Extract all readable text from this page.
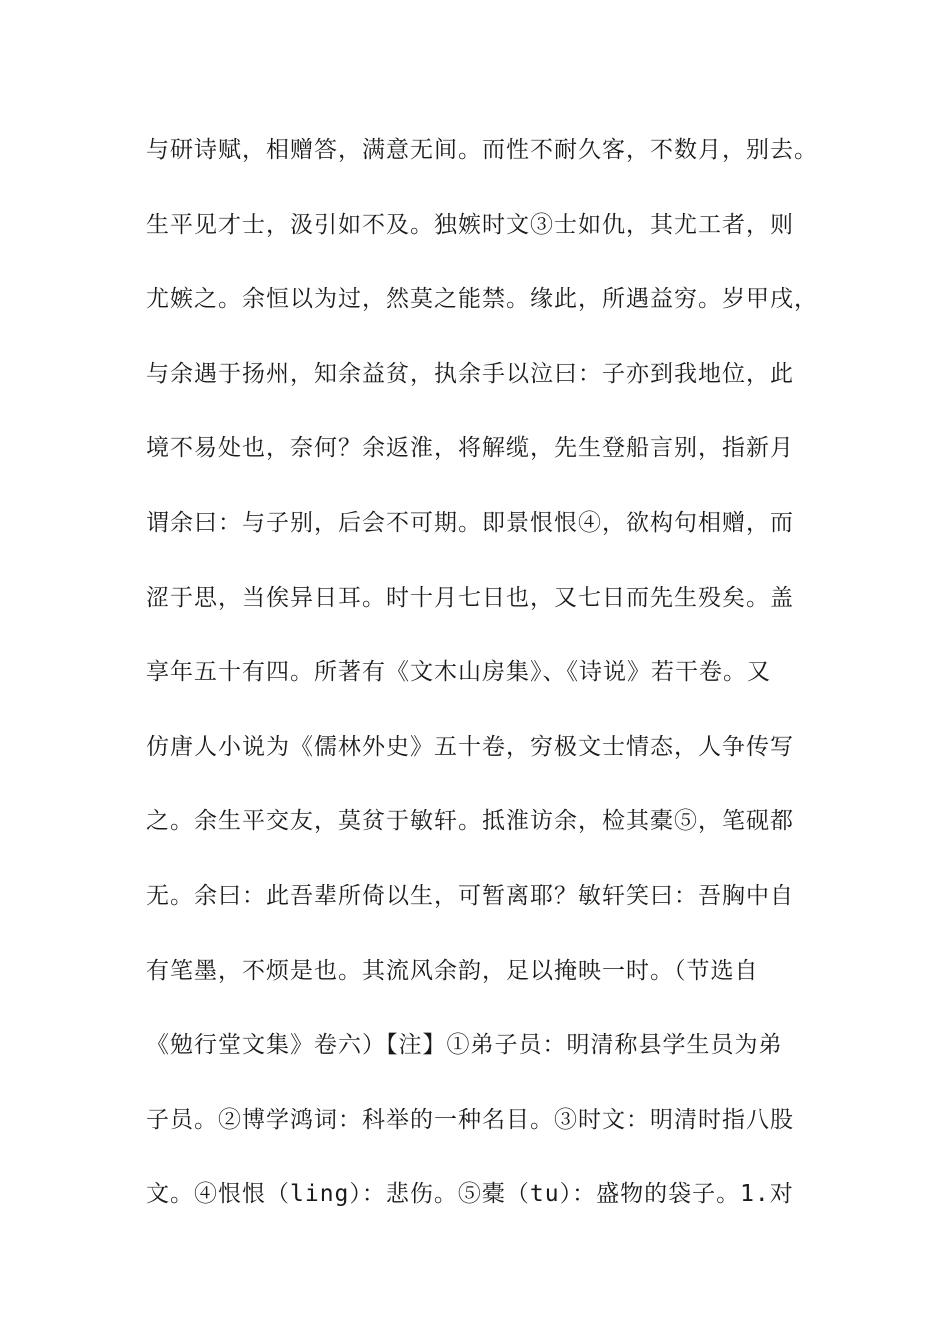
与研诗赋，相赠答，满意无间。而性不耐久客，不数月，别去。
生平见才士，汲引如不及。独嫉时文③士如仇，其尤工者，则
尤嫉之。余恒以为过，然莫之能禁。缘此，所遇益穷。岁甲戌，
与余遇于扬州，知余益贫，执余手以泣曰：子亦到我地位，此
境不易处也，奈何？余返淮，将解缆，先生登船言别，指新月
谓余曰：与子别，后会不可期。即景恨恨④，欲构句相赠，而
涩于思，当俟异日耳。时十月七日也，又七日而先生殁矣。盖
享年五十有四。所著有《文木山房集》、《诗说》若干卷。又
仿唐人小说为《儒林外史》五十卷，穷极文士情态，人争传写
之。余生平交友，莫贫于敏轩。抵淮访余，检其橐⑤，笔砚都
无。余曰：此吾辈所倚以生，可暂离耶？敏轩笑曰：吾胸中自
有笔墨，不烦是也。其流风余韵，足以掩映一时。（节选自
《勉行堂文集》卷六）【注】①弟子员：明清称县学生员为弟
子员。②博学鸿词：科举的一种名目。③时文：明清时指八股
文。④恨恨（ling）：悲伤。⑤橐（tu）：盛物的袋子。1.对
